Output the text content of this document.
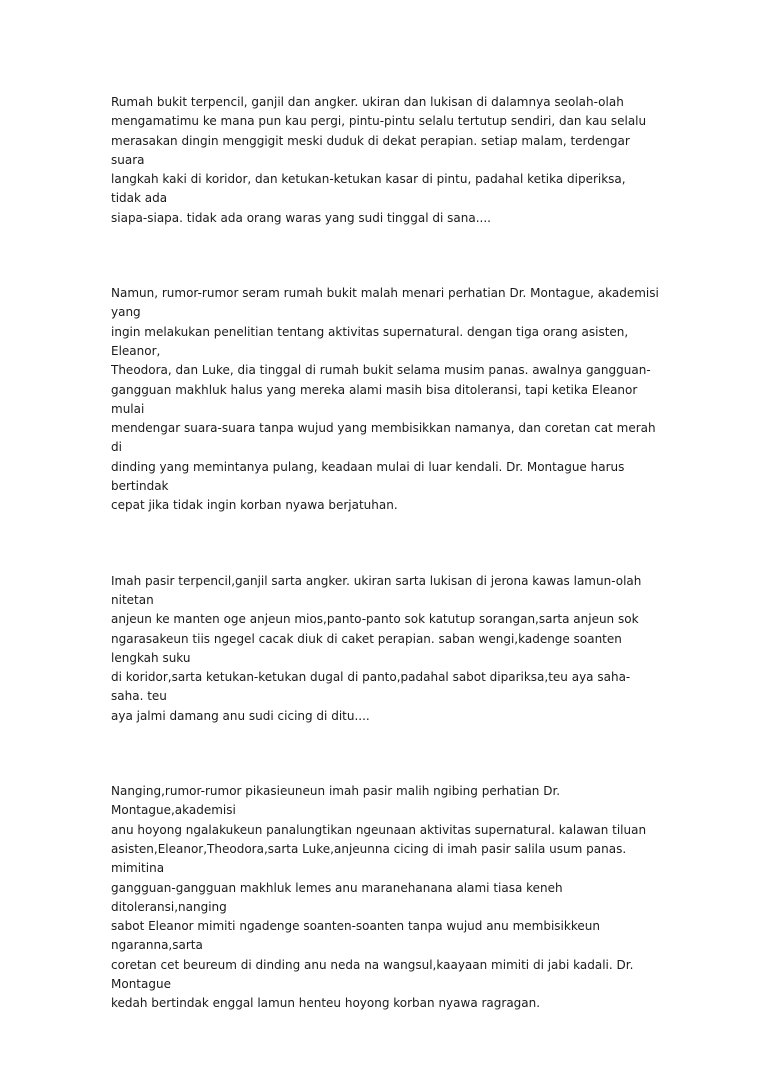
Rumah bukit terpencil, ganjil dan angker. ukiran dan lukisan di dalamnya seolah-olah
mengamatimu ke mana pun kau pergi, pintu-pintu selalu tertutup sendiri, dan kau selalu
merasakan dingin menggigit meski duduk di dekat perapian. setiap malam, terdengar suara
langkah kaki di koridor, dan ketukan-ketukan kasar di pintu, padahal ketika diperiksa, tidak ada
siapa-siapa. tidak ada orang waras yang sudi tinggal di sana....

Namun, rumor-rumor seram rumah bukit malah menari perhatian Dr. Montague, akademisi yang
ingin melakukan penelitian tentang aktivitas supernatural. dengan tiga orang asisten, Eleanor,
Theodora, dan Luke, dia tinggal di rumah bukit selama musim panas. awalnya gangguan-
gangguan makhluk halus yang mereka alami masih bisa ditoleransi, tapi ketika Eleanor mulai
mendengar suara-suara tanpa wujud yang membisikkan namanya, dan coretan cat merah di
dinding yang memintanya pulang, keadaan mulai di luar kendali. Dr. Montague harus bertindak
cepat jika tidak ingin korban nyawa berjatuhan.

Imah pasir terpencil,ganjil sarta angker. ukiran sarta lukisan di jerona kawas lamun-olah nitetan
anjeun ke manten oge anjeun mios,panto-panto sok katutup sorangan,sarta anjeun sok
ngarasakeun tiis ngegel cacak diuk di caket perapian. saban wengi,kadenge soanten lengkah suku
di koridor,sarta ketukan-ketukan dugal di panto,padahal sabot dipariksa,teu aya saha-saha. teu
aya jalmi damang anu sudi cicing di ditu....

Nanging,rumor-rumor pikasieuneun imah pasir malih ngibing perhatian Dr. Montague,akademisi
anu hoyong ngalakukeun panalungtikan ngeunaan aktivitas supernatural. kalawan tiluan
asisten,Eleanor,Theodora,sarta Luke,anjeunna cicing di imah pasir salila usum panas. mimitina
gangguan-gangguan makhluk lemes anu maranehanana alami tiasa keneh ditoleransi,nanging
sabot Eleanor mimiti ngadenge soanten-soanten tanpa wujud anu membisikkeun ngaranna,sarta
coretan cet beureum di dinding anu neda na wangsul,kaayaan mimiti di jabi kadali. Dr. Montague
kedah bertindak enggal lamun henteu hoyong korban nyawa ragragan.
